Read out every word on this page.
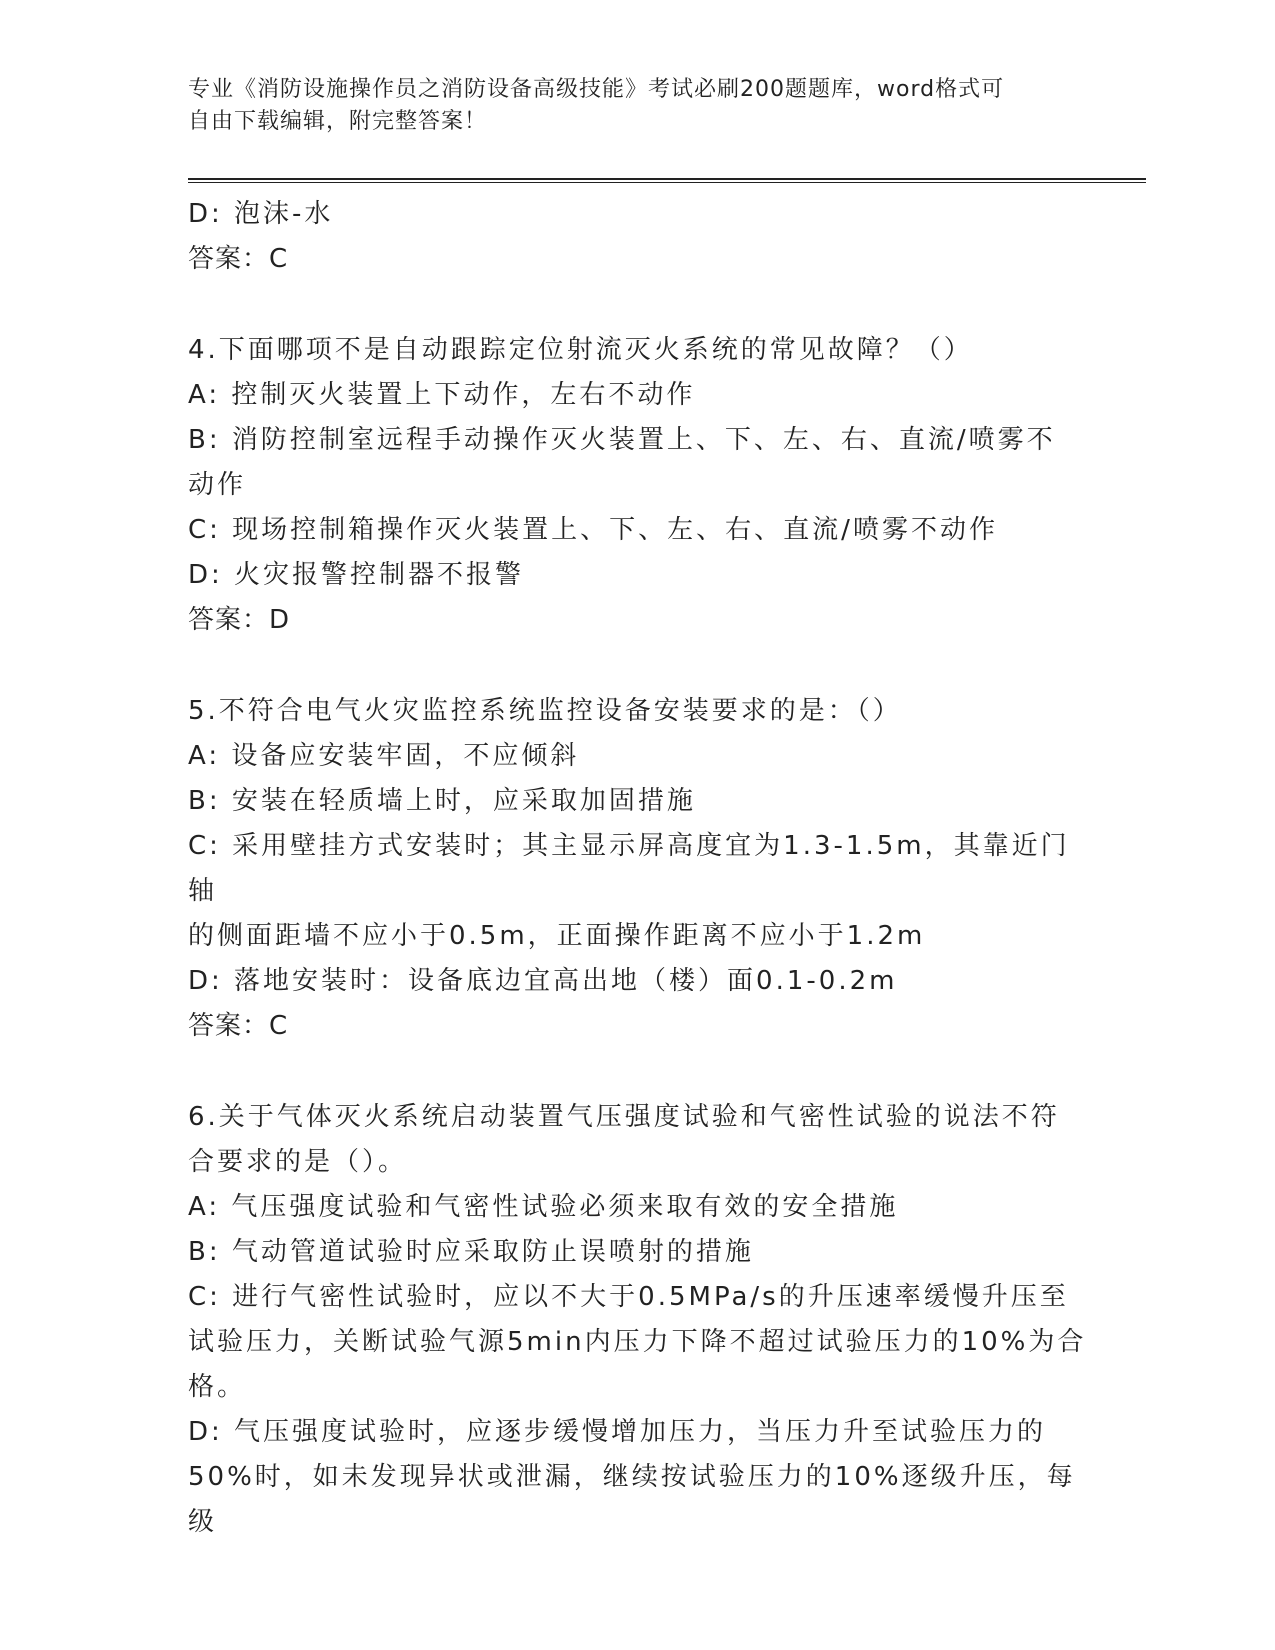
专业《消防设施操作员之消防设备高级技能》考试必刷200题题库，word格式可
自由下载编辑，附完整答案！

D: 泡沫-水

答案：C

4.下面哪项不是自动跟踪定位射流灭火系统的常见故障？（）

A: 控制灭火装置上下动作，左右不动作

B: 消防控制室远程手动操作灭火装置上、下、左、右、直流/喷雾不

动作

C: 现场控制箱操作灭火装置上、下、左、右、直流/喷雾不动作

D: 火灾报警控制器不报警

答案：D

5.不符合电气火灾监控系统监控设备安装要求的是：（）

A: 设备应安装牢固，不应倾斜

B: 安装在轻质墙上时，应采取加固措施

C: 采用壁挂方式安装时；其主显示屏高度宜为1.3-1.5m，其靠近门轴

的侧面距墙不应小于0.5m，正面操作距离不应小于1.2m

D: 落地安装时：设备底边宜高出地（楼）面0.1-0.2m

答案：C

6.关于气体灭火系统启动装置气压强度试验和气密性试验的说法不符

合要求的是（）。

A: 气压强度试验和气密性试验必须来取有效的安全措施

B: 气动管道试验时应采取防止误喷射的措施

C: 进行气密性试验时，应以不大于0.5MPa/s的升压速率缓慢升压至

试验压力，关断试验气源5min内压力下降不超过试验压力的10%为合

格。

D: 气压强度试验时，应逐步缓慢增加压力，当压力升至试验压力的

50%时，如未发现异状或泄漏，继续按试验压力的10%逐级升压，每级
